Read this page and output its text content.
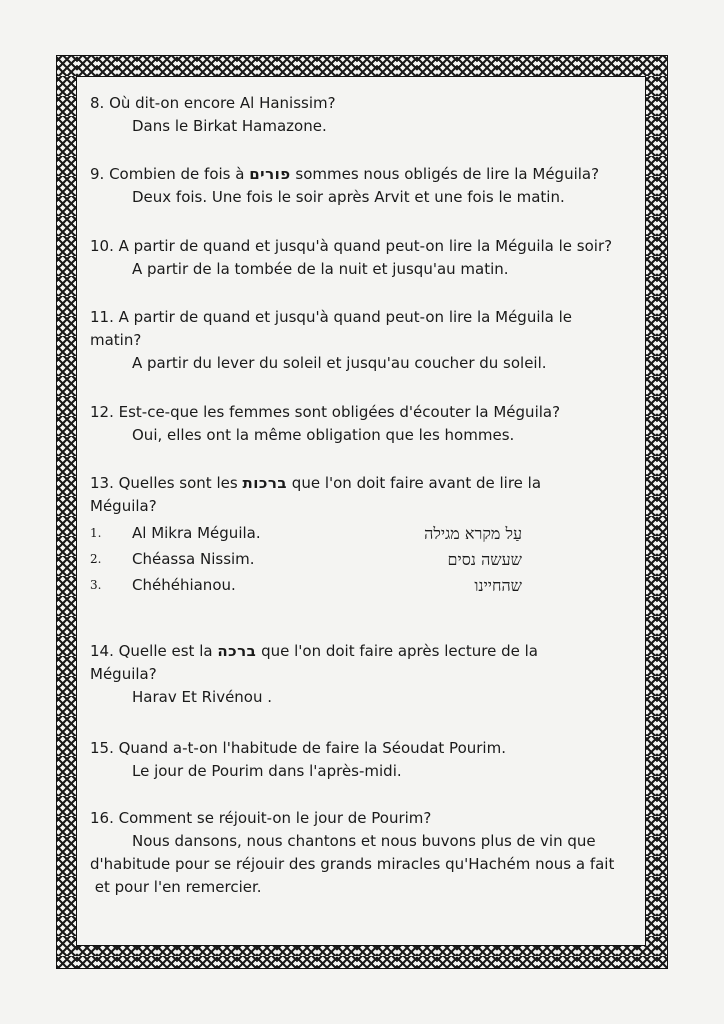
8. Où dit-on encore Al Hanissim?
Dans le Birkat Hamazone.
9. Combien de fois à פורים sommes nous obligés de lire la Méguila?
Deux fois. Une fois le soir après Arvit et une fois le matin.
10. A partir de quand et jusqu'à quand peut-on lire la Méguila le soir?
A partir de la tombée de la nuit et jusqu'au matin.
11. A partir de quand et jusqu'à quand peut-on lire la Méguila le
matin?
A partir du lever du soleil et jusqu'au coucher du soleil.
12. Est-ce-que les femmes sont obligées d'écouter la Méguila?
Oui, elles ont la même obligation que les hommes.
13. Quelles sont les ברכות que l'on doit faire avant de lire la
Méguila?
1. Al Mikra Méguila.	עַל מקרא מגילה
2. Chéassa Nissim.	שעשה נסים
3. Chéhéhianou.	שהחיינו
14. Quelle est la ברכה que l'on doit faire après lecture de la
Méguila?
Harav Et Rivénou .
15. Quand a-t-on l'habitude de faire la Séoudat Pourim.
Le jour de Pourim dans l'après-midi.
16. Comment se réjouit-on le jour de Pourim?
Nous dansons, nous chantons et nous buvons plus de vin que
d'habitude pour se réjouir des grands miracles qu'Hachém nous a fait
et pour l'en remercier.
